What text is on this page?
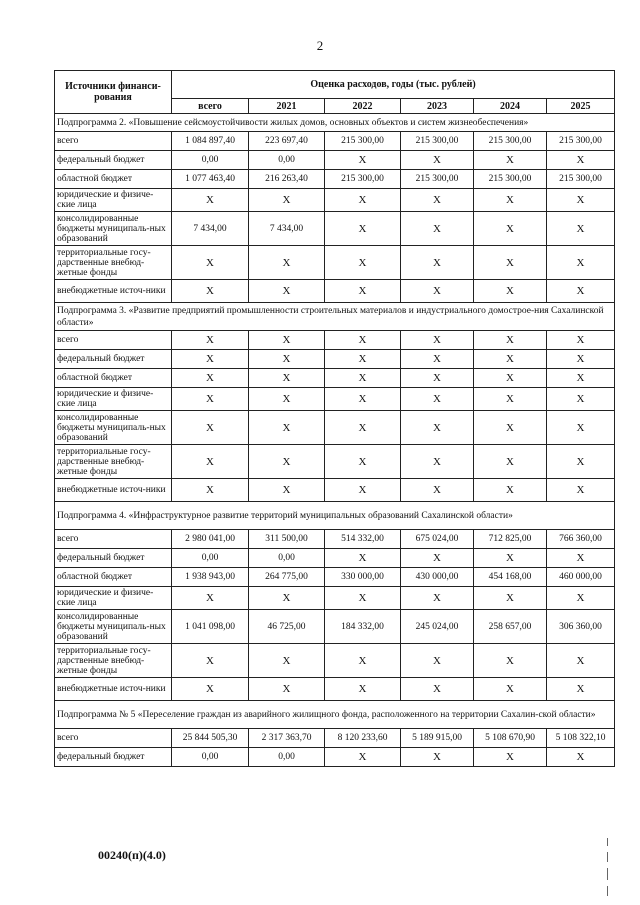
2
Источники финанси-рования	Оценка расходов, годы (тыс. рублей)					
	всего	2021	2022	2023	2024	2025
Подпрограмма 2. «Повышение сейсмоустойчивости жилых домов, основных объектов и систем жизнеобеспечения»						
всего	1 084 897,40	223 697,40	215 300,00	215 300,00	215 300,00	215 300,00
федеральный бюджет	0,00	0,00	X	X	X	X
областной бюджет	1 077 463,40	216 263,40	215 300,00	215 300,00	215 300,00	215 300,00
юридические и физиче-ские лица	X	X	X	X	X	X
консолидированные бюджеты муниципаль-ных образований	7 434,00	7 434,00	X	X	X	X
территориальные госу-дарственные внебюд-жетные фонды	X	X	X	X	X	X
внебюджетные источ-ники	X	X	X	X	X	X
Подпрограмма 3. «Развитие предприятий промышленности строительных материалов и индустриального домострое-ния Сахалинской области»						
всего	X	X	X	X	X	X
федеральный бюджет	X	X	X	X	X	X
областной бюджет	X	X	X	X	X	X
юридические и физиче-ские лица	X	X	X	X	X	X
консолидированные бюджеты муниципаль-ных образований	X	X	X	X	X	X
территориальные госу-дарственные внебюд-жетные фонды	X	X	X	X	X	X
внебюджетные источ-ники	X	X	X	X	X	X
Подпрограмма 4. «Инфраструктурное развитие территорий муниципальных образований Сахалинской области»						
всего	2 980 041,00	311 500,00	514 332,00	675 024,00	712 825,00	766 360,00
федеральный бюджет	0,00	0,00	X	X	X	X
областной бюджет	1 938 943,00	264 775,00	330 000,00	430 000,00	454 168,00	460 000,00
юридические и физиче-ские лица	X	X	X	X	X	X
консолидированные бюджеты муниципаль-ных образований	1 041 098,00	46 725,00	184 332,00	245 024,00	258 657,00	306 360,00
территориальные госу-дарственные внебюд-жетные фонды	X	X	X	X	X	X
внебюджетные источ-ники	X	X	X	X	X	X
Подпрограмма № 5 «Переселение граждан из аварийного жилищного фонда, расположенного на территории Сахалин-ской области»						
всего	25 844 505,30	2 317 363,70	8 120 233,60	5 189 915,00	5 108 670,90	5 108 322,10
федеральный бюджет	0,00	0,00	X	X	X	X
00240(п)(4.0)
